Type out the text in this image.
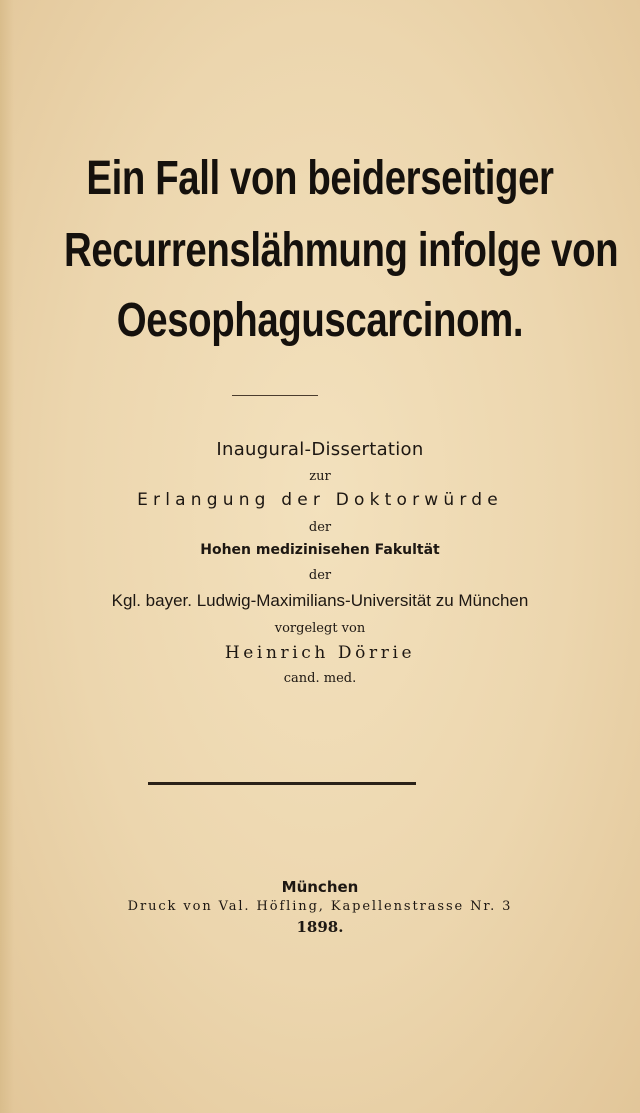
Ein Fall von beiderseitiger
Recurrenslähmung infolge von
Oesophaguscarcinom.
Inaugural-Dissertation
zur
Erlangung der Doktorwürde
der
Hohen medizinisehen Fakultät
der
Kgl. bayer. Ludwig-Maximilians-Universität zu München
vorgelegt von
Heinrich Dörrie
cand. med.
München
Druck von Val. Höfling, Kapellenstrasse Nr. 3
1898.
